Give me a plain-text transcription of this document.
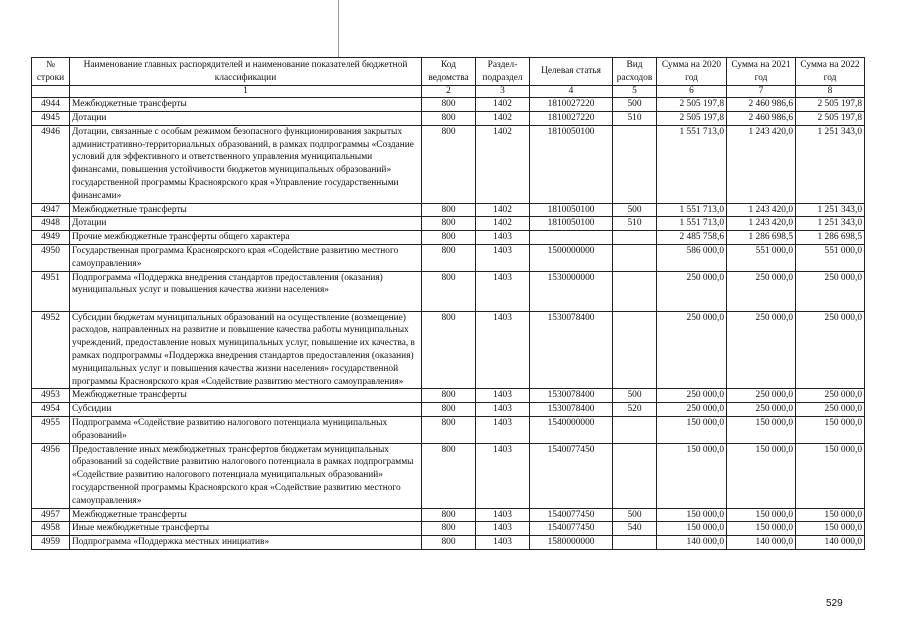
№ строки	Наименование главных распорядителей и наименование показателей бюджетной классификации	Код ведомства	Раздел-подраздел	Целевая статья	Вид расходов	Сумма на 2020 год	Сумма на 2021 год	Сумма на 2022 год
	1	2	3	4	5	6	7	8
4944	Межбюджетные трансферты	800	1402	1810027220	500	2 505 197,8	2 460 986,6	2 505 197,8
4945	Дотации	800	1402	1810027220	510	2 505 197,8	2 460 986,6	2 505 197,8
4946	Дотации, связанные с особым режимом безопасного функционирования закрытых административно-территориальных образований, в рамках подпрограммы «Создание условий для эффективного и ответственного управления муниципальными финансами, повышения устойчивости бюджетов муниципальных образований» государственной программы Красноярского края «Управление государственными финансами»	800	1402	1810050100		1 551 713,0	1 243 420,0	1 251 343,0
4947	Межбюджетные трансферты	800	1402	1810050100	500	1 551 713,0	1 243 420,0	1 251 343,0
4948	Дотации	800	1402	1810050100	510	1 551 713,0	1 243 420,0	1 251 343,0
4949	Прочие межбюджетные трансферты общего характера	800	1403			2 485 758,6	1 286 698,5	1 286 698,5
4950	Государственная программа Красноярского края «Содействие развитию местного самоуправления»	800	1403	1500000000		586 000,0	551 000,0	551 000,0
4951	Подпрограмма «Поддержка внедрения стандартов предоставления (оказания) муниципальных услуг и повышения качества жизни населения»	800	1403	1530000000		250 000,0	250 000,0	250 000,0
4952	Субсидии бюджетам муниципальных образований на осуществление (возмещение) расходов, направленных на развитие и повышение качества работы муниципальных учреждений, предоставление новых муниципальных услуг, повышение их качества, в рамках подпрограммы «Поддержка внедрения стандартов предоставления (оказания) муниципальных услуг и повышения качества жизни населения» государственной программы Красноярского края «Содействие развитию местного самоуправления»	800	1403	1530078400		250 000,0	250 000,0	250 000,0
4953	Межбюджетные трансферты	800	1403	1530078400	500	250 000,0	250 000,0	250 000,0
4954	Субсидии	800	1403	1530078400	520	250 000,0	250 000,0	250 000,0
4955	Подпрограмма «Содействие развитию налогового потенциала муниципальных образований»	800	1403	1540000000		150 000,0	150 000,0	150 000,0
4956	Предоставление иных межбюджетных трансфертов бюджетам муниципальных образований за содействие развитию налогового потенциала в рамках подпрограммы «Содействие развитию налогового потенциала муниципальных образований» государственной программы Красноярского края «Содействие развитию местного самоуправления»	800	1403	1540077450		150 000,0	150 000,0	150 000,0
4957	Межбюджетные трансферты	800	1403	1540077450	500	150 000,0	150 000,0	150 000,0
4958	Иные межбюджетные трансферты	800	1403	1540077450	540	150 000,0	150 000,0	150 000,0
4959	Подпрограмма «Поддержка местных инициатив»	800	1403	1580000000		140 000,0	140 000,0	140 000,0
529
